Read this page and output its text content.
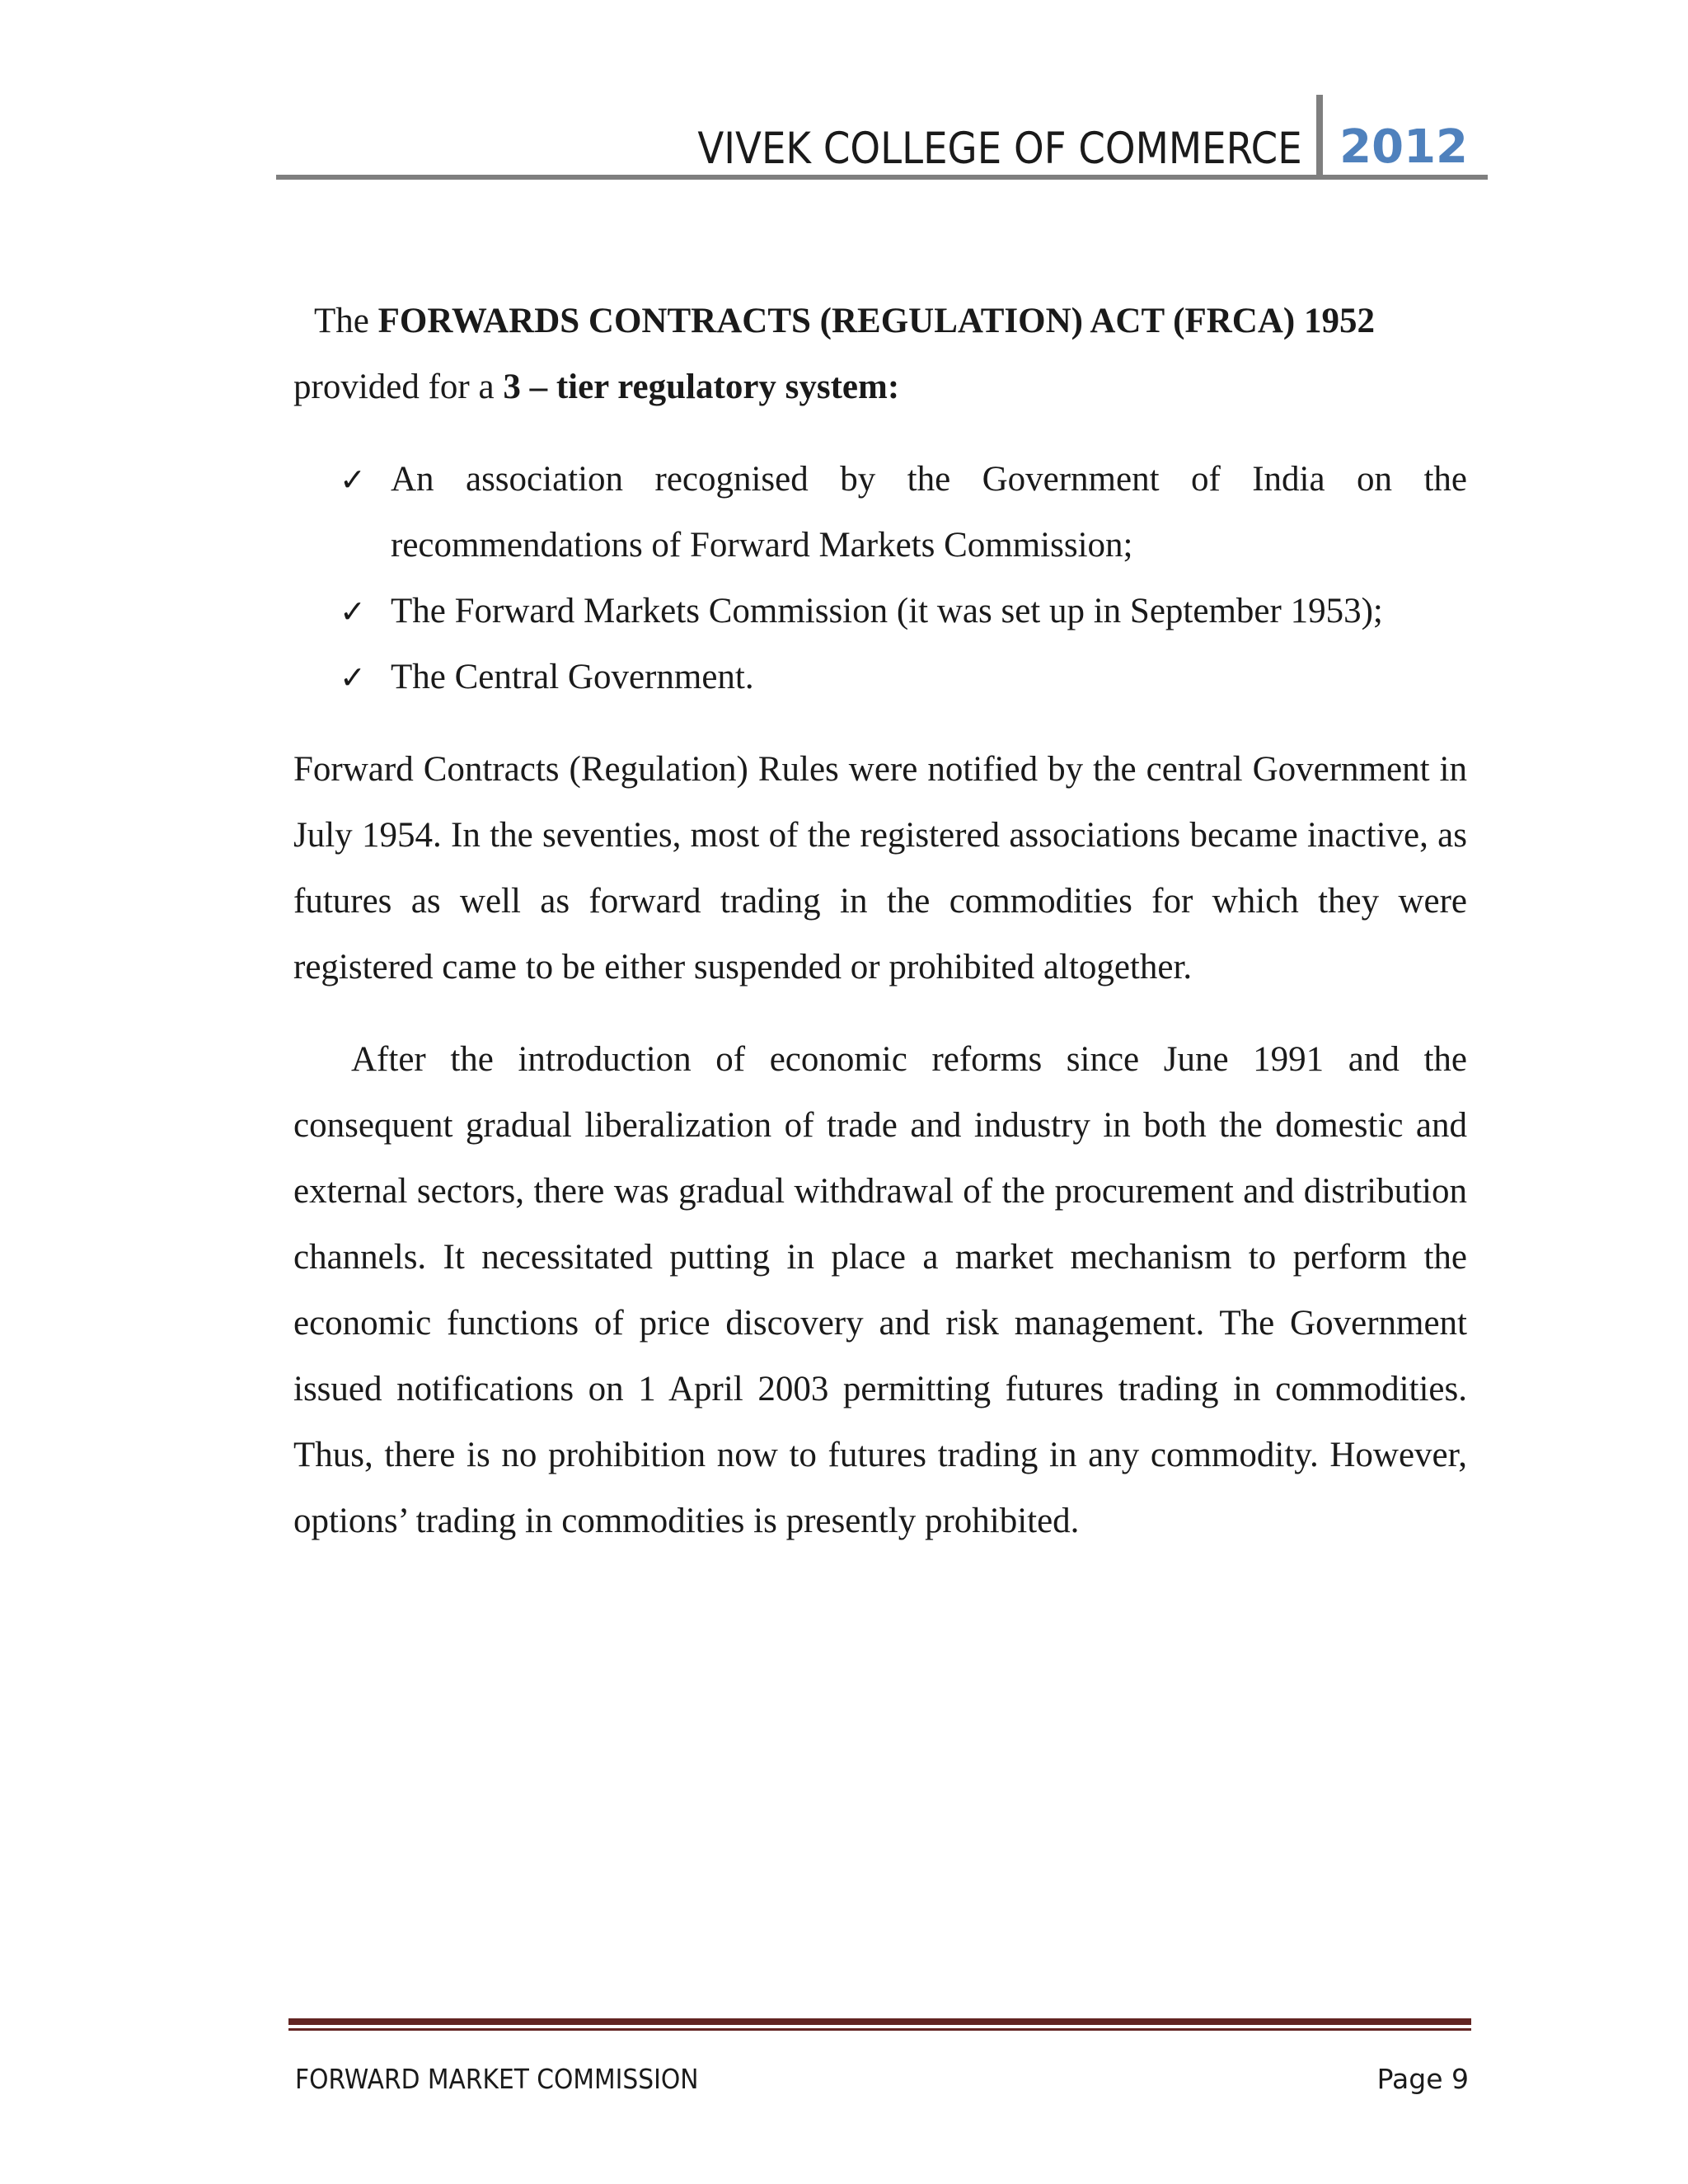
VIVEK COLLEGE OF COMMERCE 2012

The FORWARDS CONTRACTS (REGULATION) ACT (FRCA) 1952
provided for a 3 – tier regulatory system:

✓ An association recognised by the Government of India on the recommendations of Forward Markets Commission;
✓ The Forward Markets Commission (it was set up in September 1953);
✓ The Central Government.

Forward Contracts (Regulation) Rules were notified by the central Government in July 1954. In the seventies, most of the registered associations became inactive, as futures as well as forward trading in the commodities for which they were registered came to be either suspended or prohibited altogether.

After the introduction of economic reforms since June 1991 and the consequent gradual liberalization of trade and industry in both the domestic and external sectors, there was gradual withdrawal of the procurement and distribution channels. It necessitated putting in place a market mechanism to perform the economic functions of price discovery and risk management. The Government issued notifications on 1 April 2003 permitting futures trading in commodities. Thus, there is no prohibition now to futures trading in any commodity. However, options’ trading in commodities is presently prohibited.

FORWARD MARKET COMMISSION	Page 9
